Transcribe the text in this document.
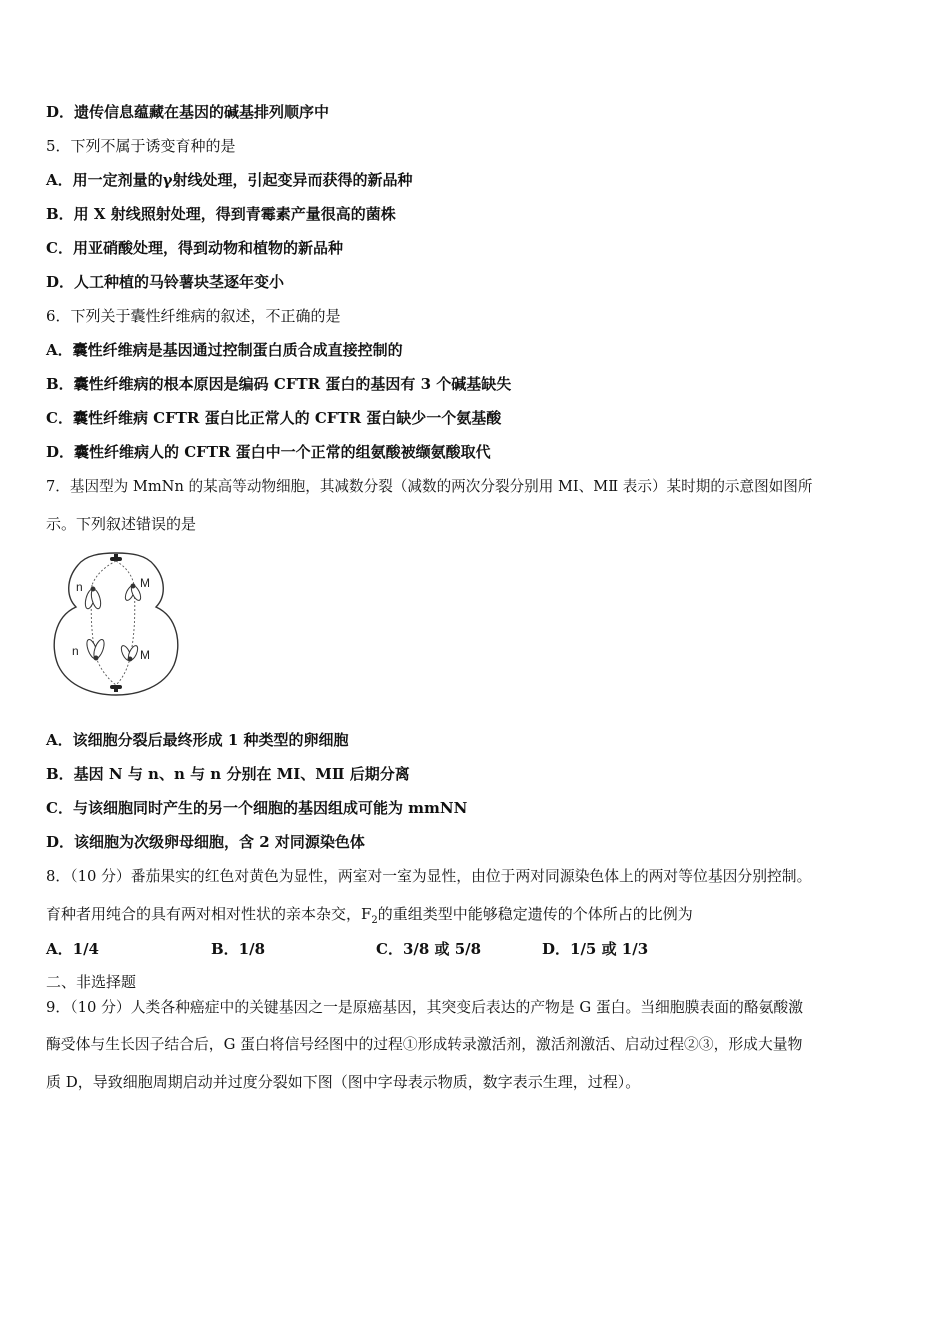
D．遗传信息蕴藏在基因的碱基排列顺序中
5．下列不属于诱变育种的是
A．用一定剂量的γ射线处理，引起变异而获得的新品种
B．用 X 射线照射处理，得到青霉素产量很高的菌株
C．用亚硝酸处理，得到动物和植物的新品种
D．人工种植的马铃薯块茎逐年变小
6．下列关于囊性纤维病的叙述，不正确的是
A．囊性纤维病是基因通过控制蛋白质合成直接控制的
B．囊性纤维病的根本原因是编码 CFTR 蛋白的基因有 3 个碱基缺失
C．囊性纤维病 CFTR 蛋白比正常人的 CFTR 蛋白缺少一个氨基酸
D．囊性纤维病人的 CFTR 蛋白中一个正常的组氨酸被缬氨酸取代
7．基因型为 MmNn 的某高等动物细胞，其减数分裂（减数的两次分裂分别用 MⅠ、MⅡ 表示）某时期的示意图如图所
示。下列叙述错误的是
n	M
n	M
A．该细胞分裂后最终形成 1 种类型的卵细胞
B．基因 N 与 n、n 与 n 分别在 MⅠ、MⅡ 后期分离
C．与该细胞同时产生的另一个细胞的基因组成可能为 mmNN
D．该细胞为次级卵母细胞，含 2 对同源染色体
8．（10 分）番茄果实的红色对黄色为显性，两室对一室为显性，由位于两对同源染色体上的两对等位基因分别控制。
育种者用纯合的具有两对相对性状的亲本杂交，$F_2$的重组类型中能够稳定遗传的个体所占的比例为
A．1/4	B．1/8	C．3/8 或 5/8	D．1/5 或 1/3
二、非选择题
9．（10 分）人类各种癌症中的关键基因之一是原癌基因，其突变后表达的产物是 G 蛋白。当细胞膜表面的酪氨酸激
酶受体与生长因子结合后，G 蛋白将信号经图中的过程①形成转录激活剂，激活剂激活、启动过程②③，形成大量物
质 D，导致细胞周期启动并过度分裂如下图（图中字母表示物质，数字表示生理，过程）。
